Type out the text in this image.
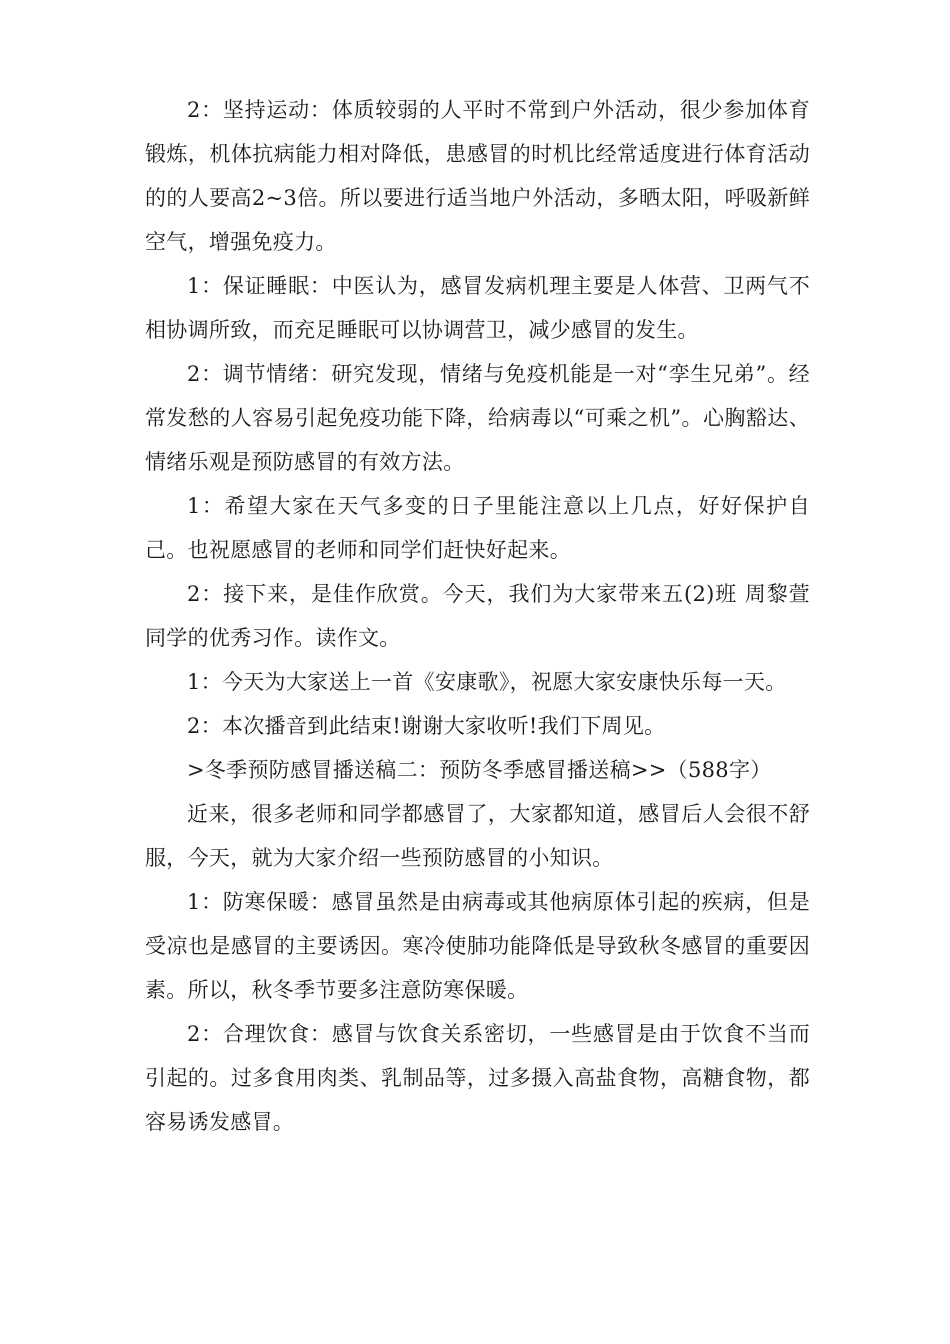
2：坚持运动：体质较弱的人平时不常到户外活动，很少参加体育锻炼，机体抗病能力相对降低，患感冒的时机比经常适度进行体育活动的的人要高2~3倍。所以要进行适当地户外活动，多晒太阳，呼吸新鲜空气，增强免疫力。

1：保证睡眠：中医认为，感冒发病机理主要是人体营、卫两气不相协调所致，而充足睡眠可以协调营卫，减少感冒的发生。

2：调节情绪：研究发现，情绪与免疫机能是一对“孪生兄弟”。经常发愁的人容易引起免疫功能下降，给病毒以“可乘之机”。心胸豁达、情绪乐观是预防感冒的有效方法。

1：希望大家在天气多变的日子里能注意以上几点，好好保护自己。也祝愿感冒的老师和同学们赶快好起来。

2：接下来，是佳作欣赏。今天，我们为大家带来五(2)班 周黎萱同学的优秀习作。读作文。

1：今天为大家送上一首《安康歌》，祝愿大家安康快乐每一天。

2：本次播音到此结束!谢谢大家收听!我们下周见。

>冬季预防感冒播送稿二：预防冬季感冒播送稿>>（588字）

近来，很多老师和同学都感冒了，大家都知道，感冒后人会很不舒服，今天，就为大家介绍一些预防感冒的小知识。

1：防寒保暖：感冒虽然是由病毒或其他病原体引起的疾病，但是受凉也是感冒的主要诱因。寒冷使肺功能降低是导致秋冬感冒的重要因素。所以，秋冬季节要多注意防寒保暖。

2：合理饮食：感冒与饮食关系密切，一些感冒是由于饮食不当而引起的。过多食用肉类、乳制品等，过多摄入高盐食物，高糖食物，都容易诱发感冒。
